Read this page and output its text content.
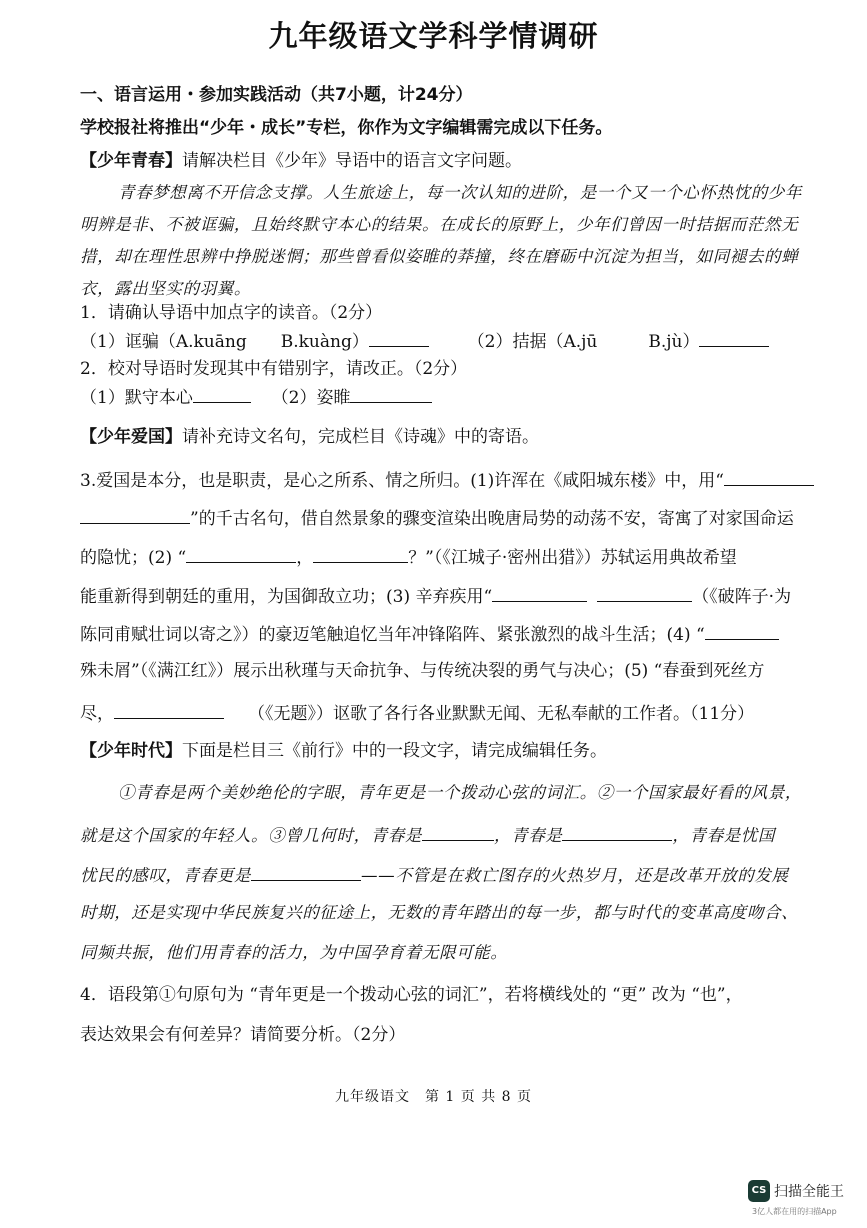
九年级语文学科学情调研
一、语言运用・参加实践活动（共7小题，计24分）
学校报社将推出“少年・成长”专栏，你作为文字编辑需完成以下任务。
【少年青春】请解决栏目《少年》导语中的语言文字问题。
青春梦想离不开信念支撑。人生旅途上，每一次认知的进阶，是一个又一个心怀热忱的少年
明辨是非、不被诓骗，且始终默守本心的结果。在成长的原野上，少年们曾因一时拮据而茫然无
措，却在理性思辨中挣脱迷惘；那些曾看似姿睢的莽撞，终在磨砺中沉淀为担当，如同褪去的蝉
衣，露出坚实的羽翼。
1．请确认导语中加点字的读音。（2分）
（1）诓骗（A.kuāng　　B.kuàng）	（2）拮据（A.jū　　　B.jù）
2．校对导语时发现其中有错别字，请改正。（2分）
（1）默守本心	（2）姿睢
【少年爱国】请补充诗文名句，完成栏目《诗魂》中的寄语。
3.爱国是本分，也是职责，是心之所系、情之所归。(1)许浑在《咸阳城东楼》中，用“
”的千古名句，借自然景象的骤变渲染出晚唐局势的动荡不安，寄寓了对家国命运
的隐忧；(2) “	，	？”（《江城子·密州出猎》）苏轼运用典故希望
能重新得到朝廷的重用，为国御敌立功；(3) 辛弃疾用“	（《破阵子·为
陈同甫赋壮词以寄之》）的豪迈笔触追忆当年冲锋陷阵、紧张激烈的战斗生活；(4) “
殊未屑”（《满江红》）展示出秋瑾与天命抗争、与传统决裂的勇气与决心；(5) “春蚕到死丝方
尽，	（《无题》）讴歌了各行各业默默无闻、无私奉献的工作者。（11分）
【少年时代】下面是栏目三《前行》中的一段文字，请完成编辑任务。
①青春是两个美妙绝伦的字眼，青年更是一个拨动心弦的词汇。②一个国家最好看的风景，
就是这个国家的年轻人。③曾几何时，青春是	，青春是	，青春是忧国
忧民的感叹，青春更是	——不管是在救亡图存的火热岁月，还是改革开放的发展
时期，还是实现中华民族复兴的征途上，无数的青年踏出的每一步，都与时代的变革高度吻合、
同频共振，他们用青春的活力，为中国孕育着无限可能。
4．语段第①句原句为 “青年更是一个拨动心弦的词汇”，若将横线处的 “更” 改为 “也”，
表达效果会有何差异？请简要分析。（2分）
九年级语文　第 1 页 共 8 页
CS 扫描全能王
3亿人都在用的扫描App
